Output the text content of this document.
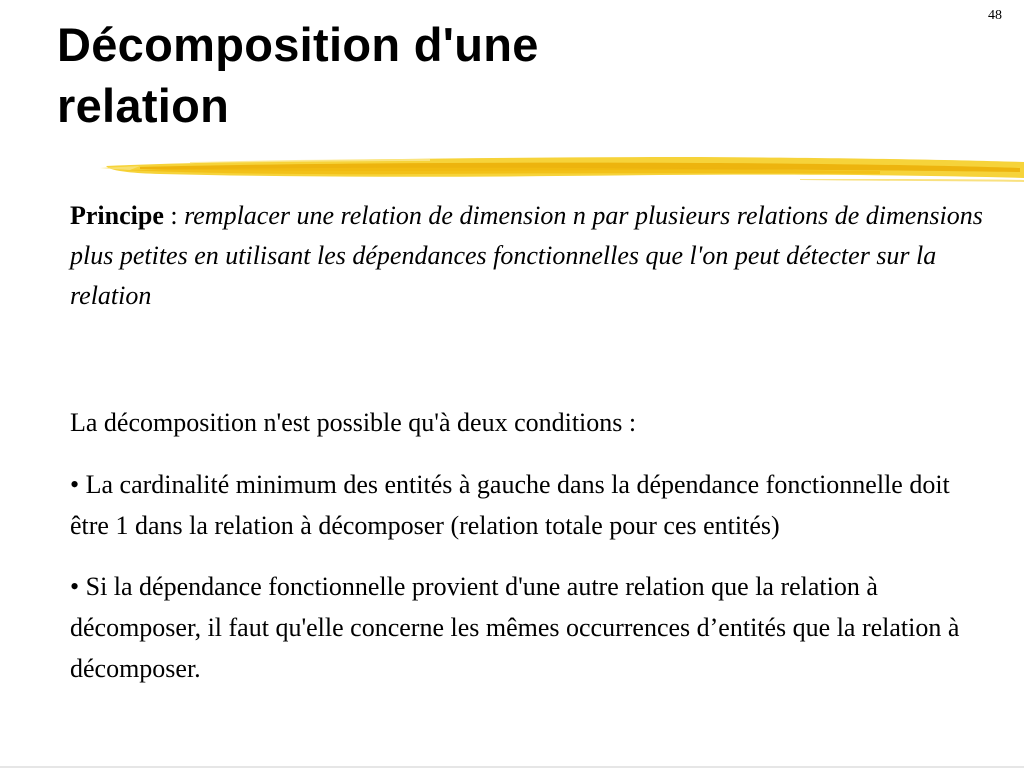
48
Décomposition d'une
relation

Principe : remplacer une relation de dimension n par plusieurs relations de dimensions plus petites en utilisant les dépendances fonctionnelles que l'on peut détecter sur la relation

La décomposition n'est possible qu'à deux conditions :

• La cardinalité minimum des entités à gauche dans la dépendance fonctionnelle doit être 1 dans la relation à décomposer (relation totale pour ces entités)

• Si la dépendance fonctionnelle provient d'une autre relation que la relation à décomposer, il faut qu'elle concerne les mêmes occurrences d’entités que la relation à décomposer.
